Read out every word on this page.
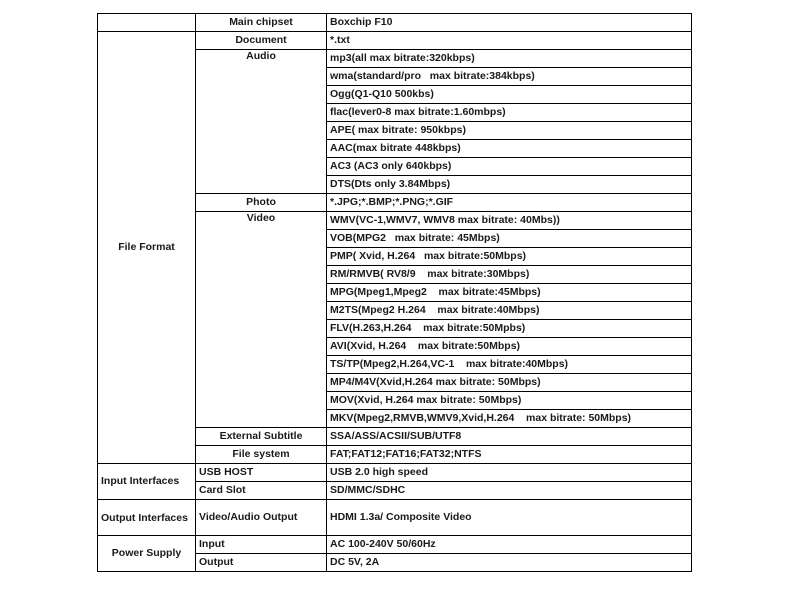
	Main chipset	Boxchip F10
File Format	Document	*.txt
	Audio	mp3(all max bitrate:320kbps)
		wma(standard/pro   max bitrate:384kbps)
		Ogg(Q1-Q10 500kbs)
		flac(lever0-8 max bitrate:1.60mbps)
		APE( max bitrate: 950kbps)
		AAC(max bitrate 448kbps)
		AC3 (AC3 only 640kbps)
		DTS(Dts only 3.84Mbps)
	Photo	*.JPG;*.BMP;*.PNG;*.GIF
	Video	WMV(VC-1,WMV7, WMV8 max bitrate: 40Mbs))
		VOB(MPG2   max bitrate: 45Mbps)
		PMP( Xvid, H.264   max bitrate:50Mbps)
		RM/RMVB( RV8/9    max bitrate:30Mbps)
		MPG(Mpeg1,Mpeg2    max bitrate:45Mbps)
		M2TS(Mpeg2 H.264    max bitrate:40Mbps)
		FLV(H.263,H.264    max bitrate:50Mpbs)
		AVI(Xvid, H.264    max bitrate:50Mbps)
		TS/TP(Mpeg2,H.264,VC-1    max bitrate:40Mbps)
		MP4/M4V(Xvid,H.264 max bitrate: 50Mbps)
		MOV(Xvid, H.264 max bitrate: 50Mbps)
		MKV(Mpeg2,RMVB,WMV9,Xvid,H.264    max bitrate: 50Mbps)
	External Subtitle	SSA/ASS/ACSII/SUB/UTF8
	File system	FAT;FAT12;FAT16;FAT32;NTFS
Input Interfaces	USB HOST	USB 2.0 high speed
	Card Slot	SD/MMC/SDHC
Output Interfaces	Video/Audio Output	HDMI 1.3a/ Composite Video
Power Supply	Input	AC 100-240V 50/60Hz
	Output	DC 5V, 2A
